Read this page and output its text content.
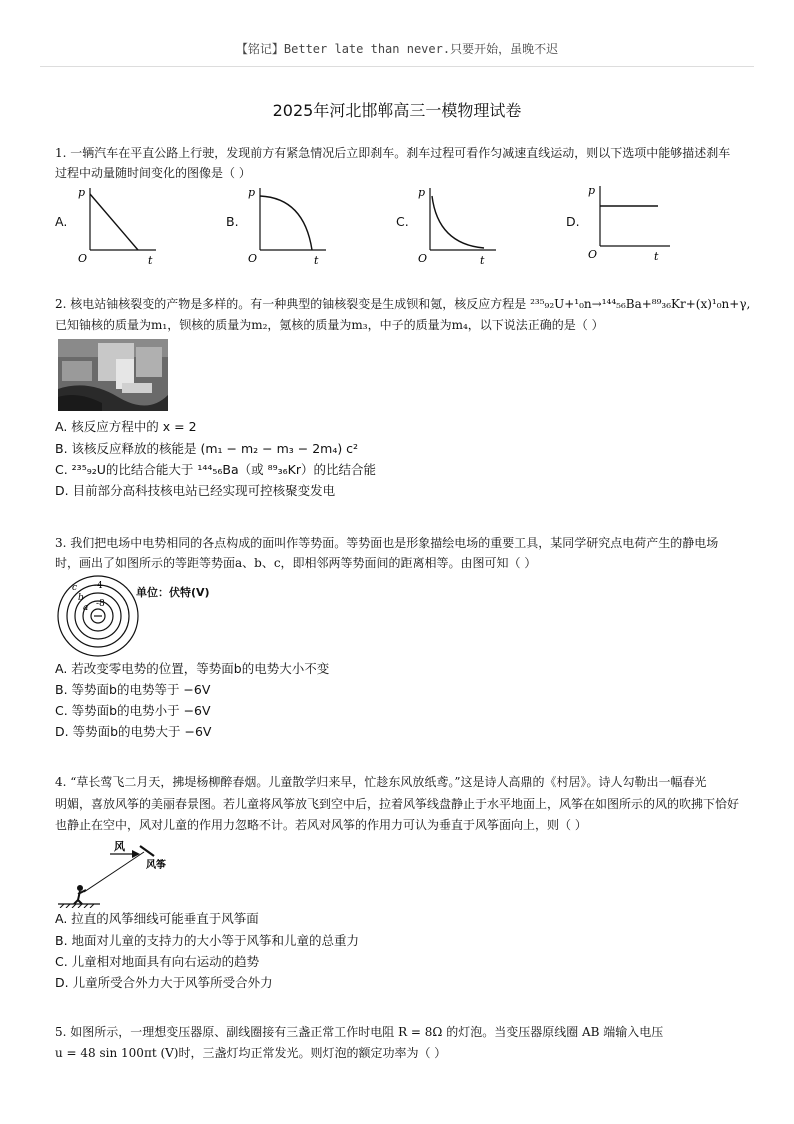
【铭记】Better late than never.只要开始，虽晚不迟
2025年河北邯郸高三一模物理试卷
1. 一辆汽车在平直公路上行驶，发现前方有紧急情况后立即刹车。刹车过程可看作匀减速直线运动，则以下选项中能够描述刹车
过程中动量随时间变化的图像是（ ）
A.	B.	C.	D.
p
t
O
p
t
O
p
t
O
p
t
O
2. 核电站铀核裂变的产物是多样的。有一种典型的铀核裂变是生成钡和氪，核反应方程是 ²³⁵₉₂U+¹₀n→¹⁴⁴₅₆Ba+⁸⁹₃₆Kr+(x)¹₀n+γ,
已知铀核的质量为m₁，钡核的质量为m₂，氪核的质量为m₃，中子的质量为m₄，以下说法正确的是（ ）
A. 核反应方程中的 x = 2
B. 该核反应释放的核能是 (m₁ − m₂ − m₃ − 2m₄) c²
C. ²³⁵₉₂U的比结合能大于 ¹⁴⁴₅₆Ba（或 ⁸⁹₃₆Kr）的比结合能
D. 目前部分高科技核电站已经实现可控核聚变发电
3. 我们把电场中电势相同的各点构成的面叫作等势面。等势面也是形象描绘电场的重要工具，某同学研究点电荷产生的静电场
时，画出了如图所示的等距等势面a、b、c，即相邻两等势面间的距离相等。由图可知（ ）
c -4
b
a -8
单位：伏特(V)
A. 若改变零电势的位置，等势面b的电势大小不变
B. 等势面b的电势等于 −6V
C. 等势面b的电势小于 −6V
D. 等势面b的电势大于 −6V
4. “草长莺飞二月天，拂堤杨柳醉春烟。儿童散学归来早，忙趁东风放纸鸢。”这是诗人高鼎的《村居》。诗人勾勒出一幅春光
明媚，喜放风筝的美丽春景图。若儿童将风筝放飞到空中后，拉着风筝线盘静止于水平地面上，风筝在如图所示的风的吹拂下恰好
也静止在空中，风对儿童的作用力忽略不计。若风对风筝的作用力可认为垂直于风筝面向上，则（ ）
风
风筝
A. 拉直的风筝细线可能垂直于风筝面
B. 地面对儿童的支持力的大小等于风筝和儿童的总重力
C. 儿童相对地面具有向右运动的趋势
D. 儿童所受合外力大于风筝所受合外力
5. 如图所示，一理想变压器原、副线圈接有三盏正常工作时电阻 R = 8Ω 的灯泡。当变压器原线圈 AB 端输入电压
u = 48 sin 100πt (V)时，三盏灯均正常发光。则灯泡的额定功率为（ ）
